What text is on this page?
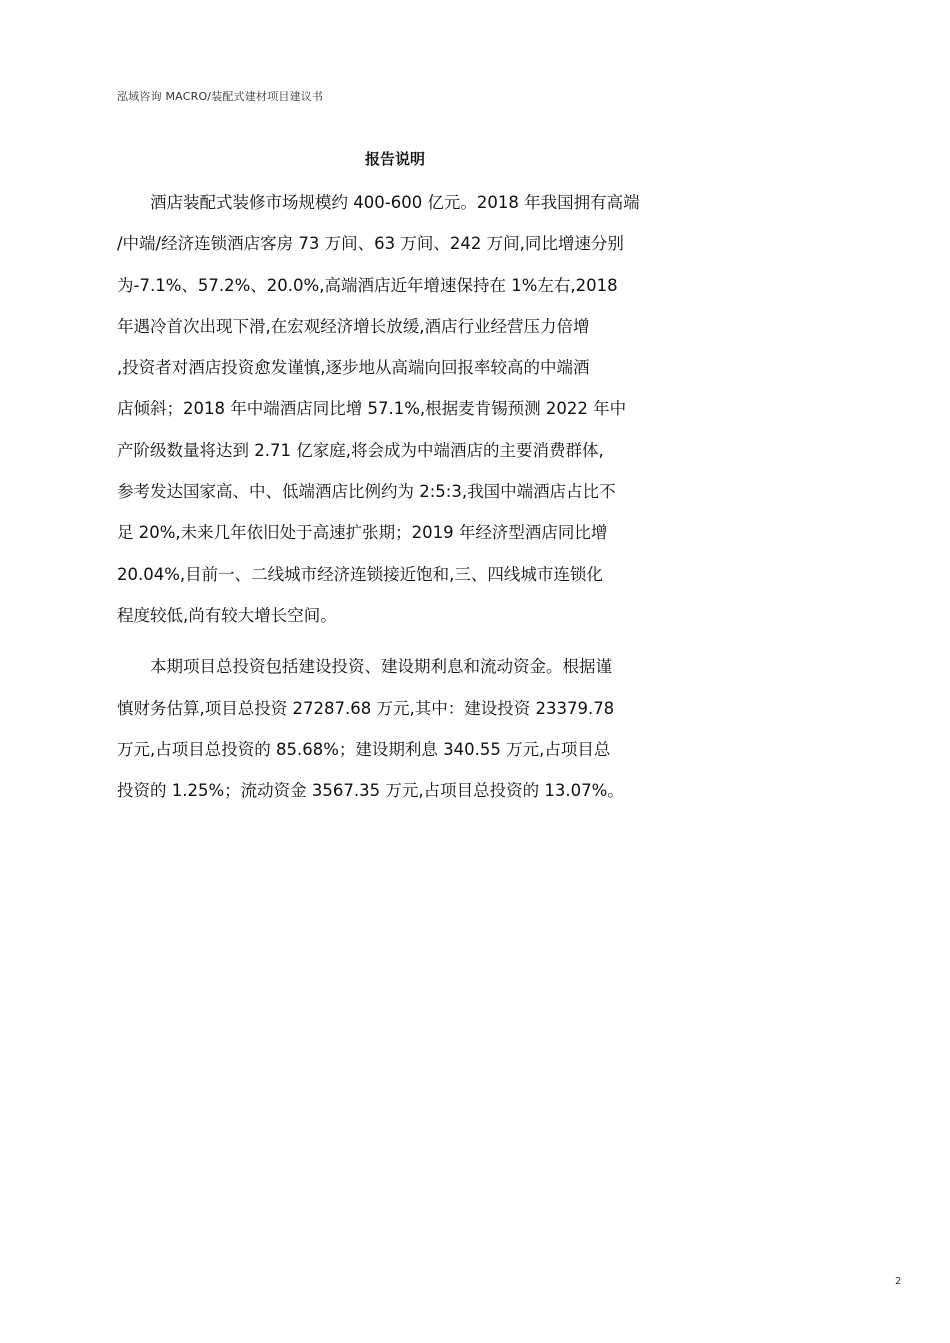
泓域咨询 MACRO/装配式建材项目建议书
报告说明
酒店装配式装修市场规模约 400-600 亿元。2018 年我国拥有高端
/中端/经济连锁酒店客房 73 万间、63 万间、242 万间,同比增速分别
为-7.1%、57.2%、20.0%,高端酒店近年增速保持在 1%左右,2018
年遇冷首次出现下滑,在宏观经济增长放缓,酒店行业经营压力倍增
,投资者对酒店投资愈发谨慎,逐步地从高端向回报率较高的中端酒
店倾斜；2018 年中端酒店同比增 57.1%,根据麦肯锡预测 2022 年中
产阶级数量将达到 2.71 亿家庭,将会成为中端酒店的主要消费群体,
参考发达国家高、中、低端酒店比例约为 2:5:3,我国中端酒店占比不
足 20%,未来几年依旧处于高速扩张期；2019 年经济型酒店同比增
20.04%,目前一、二线城市经济连锁接近饱和,三、四线城市连锁化
程度较低,尚有较大增长空间。
本期项目总投资包括建设投资、建设期利息和流动资金。根据谨
慎财务估算,项目总投资 27287.68 万元,其中：建设投资 23379.78
万元,占项目总投资的 85.68%；建设期利息 340.55 万元,占项目总
投资的 1.25%；流动资金 3567.35 万元,占项目总投资的 13.07%。
2
